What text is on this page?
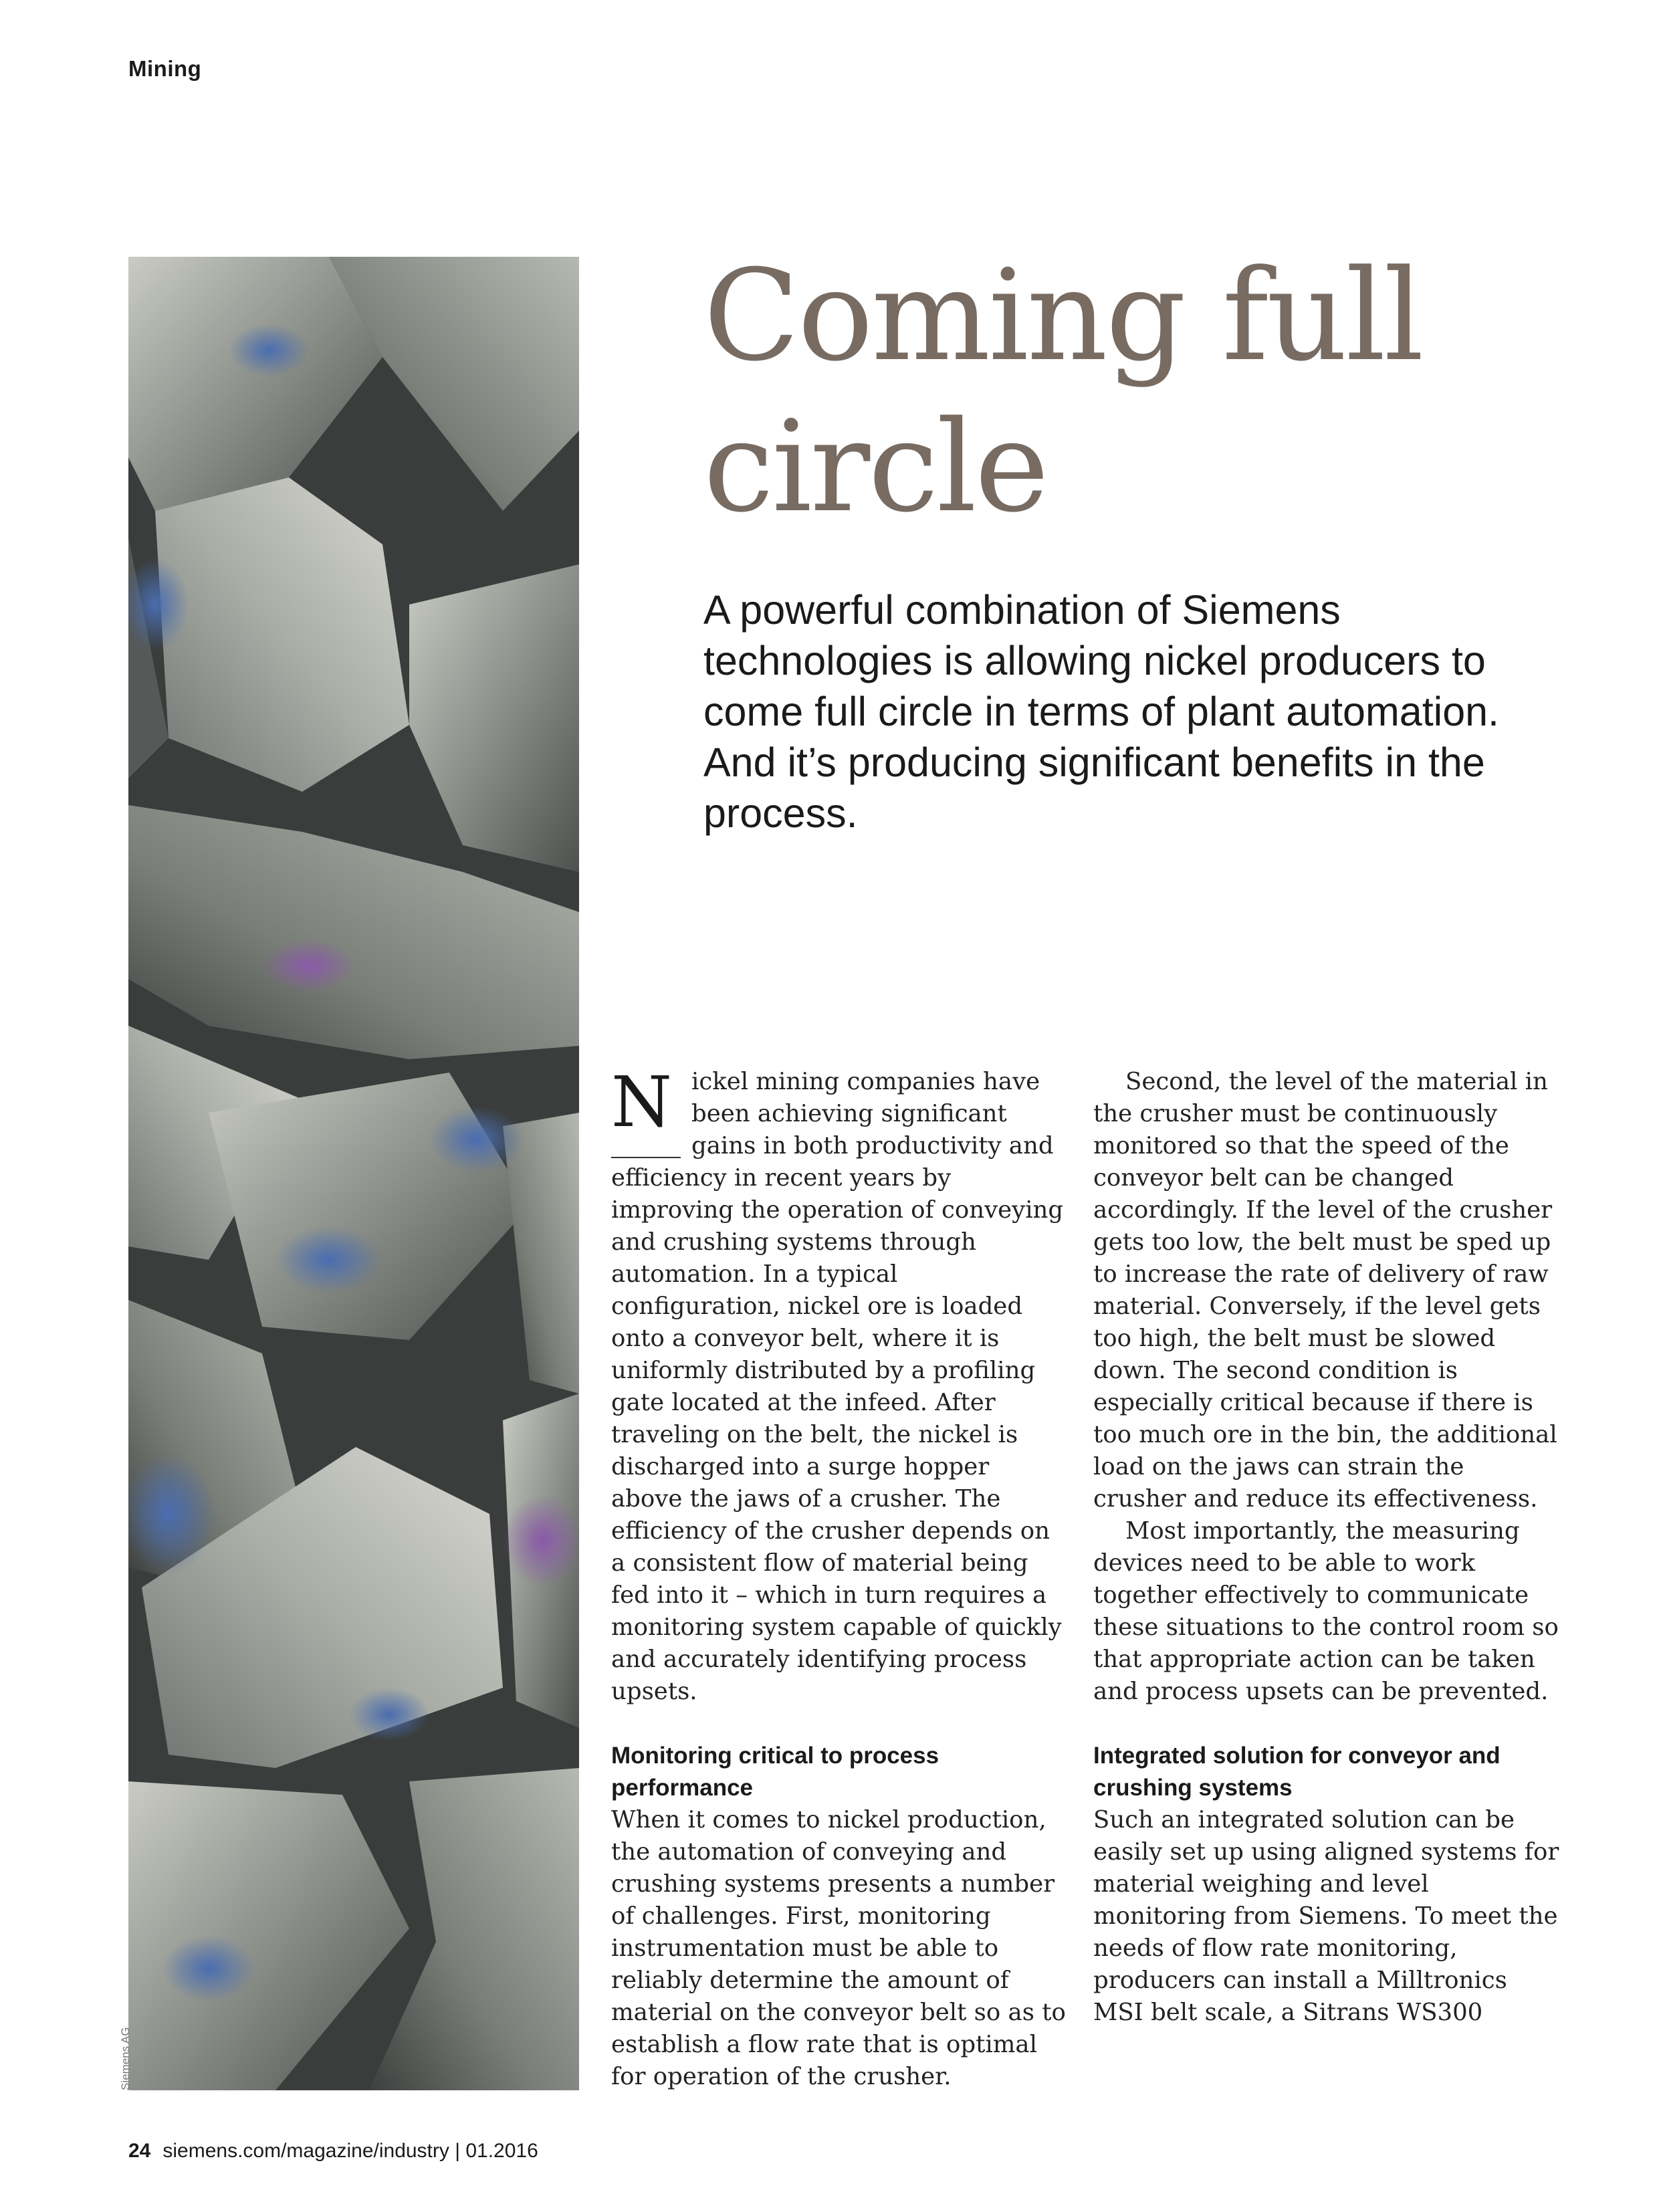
Mining
Siemens AG
Coming full
circle

A powerful combination of Siemens technologies is allowing nickel producers to come full circle in terms of plant automation. And it’s producing significant benefits in the process.

Nickel mining companies have been achieving significant gains in both productivity and efficiency in recent years by improving the operation of conveying and crushing systems through automation. In a typical configuration, nickel ore is loaded onto a conveyor belt, where it is uniformly distributed by a profiling gate located at the infeed. After traveling on the belt, the nickel is discharged into a surge hopper above the jaws of a crusher. The efficiency of the crusher depends on a consistent flow of material being fed into it – which in turn requires a monitoring system capable of quickly and accurately identifying process upsets.

Monitoring critical to process performance

When it comes to nickel production, the automation of conveying and crushing systems presents a number of challenges. First, monitoring instrumentation must be able to reliably determine the amount of material on the conveyor belt so as to establish a flow rate that is optimal for operation of the crusher.

Second, the level of the material in the crusher must be continuously monitored so that the speed of the conveyor belt can be changed accordingly. If the level of the crusher gets too low, the belt must be sped up to increase the rate of delivery of raw material. Conversely, if the level gets too high, the belt must be slowed down. The second condition is especially critical because if there is too much ore in the bin, the additional load on the jaws can strain the crusher and reduce its effectiveness.

Most importantly, the measuring devices need to be able to work together effectively to communicate these situations to the control room so that appropriate action can be taken and process upsets can be prevented.

Integrated solution for conveyor and crushing systems

Such an integrated solution can be easily set up using aligned systems for material weighing and level monitoring from Siemens. To meet the needs of flow rate monitoring, producers can install a Milltronics MSI belt scale, a Sitrans WS300

24 siemens.com/magazine/industry | 01.2016
